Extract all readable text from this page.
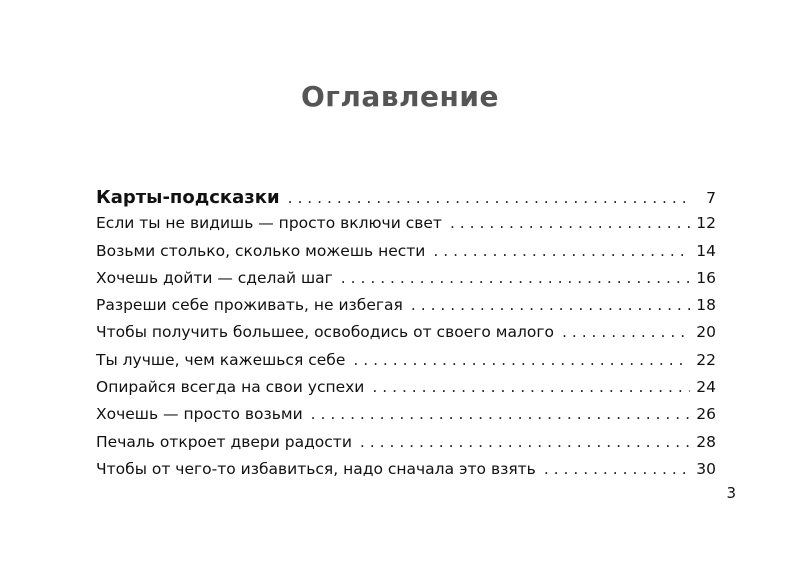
Оглавление
Карты-подсказки . . .	7
Если ты не видишь — просто включи свет . . .	12
Возьми столько, сколько можешь нести . . .	14
Хочешь дойти — сделай шаг . . .	16
Разреши себе проживать, не избегая . . .	18
Чтобы получить большее, освободись от своего малого . . .	20
Ты лучше, чем кажешься себе . . .	22
Опирайся всегда на свои успехи . . .	24
Хочешь — просто возьми . . .	26
Печаль откроет двери радости . . .	28
Чтобы от чего-то избавиться, надо сначала это взять . . .	30
3
